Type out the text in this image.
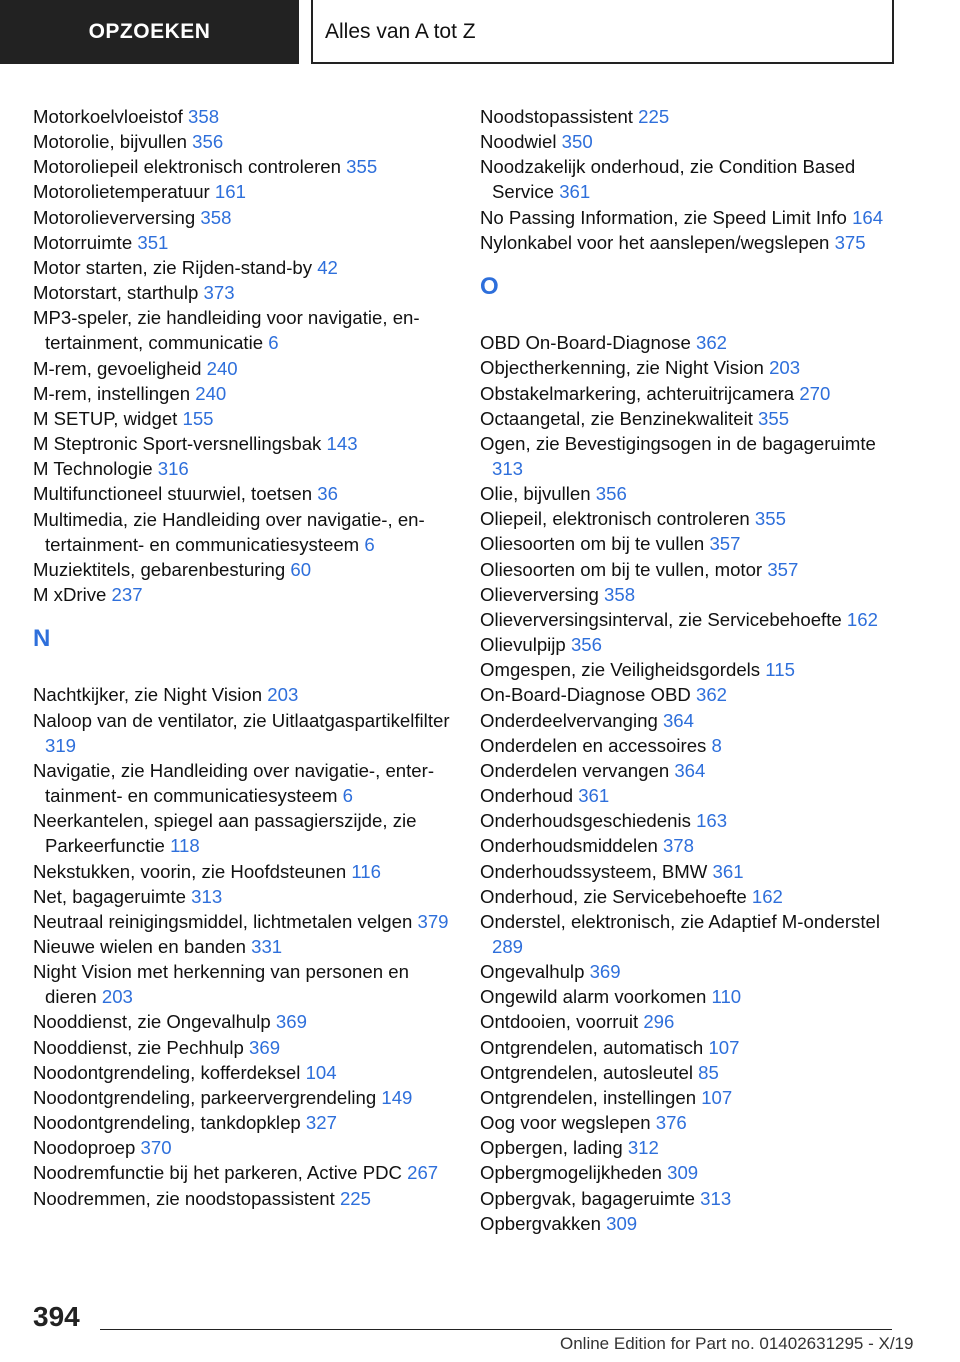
OPZOEKEN	Alles van A tot Z

Motorkoelvloeistof 358

Motorolie, bijvullen 356

Motoroliepeil elektronisch controleren 355

Motorolietemperatuur 161

Motorolieverversing 358

Motorruimte 351

Motor starten, zie Rijden-stand-by 42

Motorstart, starthulp 373

MP3-speler, zie handleiding voor navigatie, entertainment, communicatie 6

M-rem, gevoeligheid 240

M-rem, instellingen 240

M SETUP, widget 155

M Steptronic Sport-versnellingsbak 143

M Technologie 316

Multifunctioneel stuurwiel, toetsen 36

Multimedia, zie Handleiding over navigatie-, entertainment- en communicatiesysteem 6

Muziektitels, gebarenbesturing 60

M xDrive 237

N

Nachtkijker, zie Night Vision 203

Naloop van de ventilator, zie Uitlaatgaspartikelfilter 319

Navigatie, zie Handleiding over navigatie-, entertainment- en communicatiesysteem 6

Neerkantelen, spiegel aan passagierszijde, zie Parkeerfunctie 118

Nekstukken, voorin, zie Hoofdsteunen 116

Net, bagageruimte 313

Neutraal reinigingsmiddel, lichtmetalen velgen 379

Nieuwe wielen en banden 331

Night Vision met herkenning van personen en dieren 203

Nooddienst, zie Ongevalhulp 369

Nooddienst, zie Pechhulp 369

Noodontgrendeling, kofferdeksel 104

Noodontgrendeling, parkeervergrendeling 149

Noodontgrendeling, tankdopklep 327

Noodoproep 370

Noodremfunctie bij het parkeren, Active PDC 267

Noodremmen, zie noodstopassistent 225

Noodstopassistent 225

Noodwiel 350

Noodzakelijk onderhoud, zie Condition Based Service 361

No Passing Information, zie Speed Limit Info 164

Nylonkabel voor het aanslepen/wegslepen 375

O

OBD On-Board-Diagnose 362

Objectherkenning, zie Night Vision 203

Obstakelmarkering, achteruitrijcamera 270

Octaangetal, zie Benzinekwaliteit 355

Ogen, zie Bevestigingsogen in de bagageruimte 313

Olie, bijvullen 356

Oliepeil, elektronisch controleren 355

Oliesoorten om bij te vullen 357

Oliesoorten om bij te vullen, motor 357

Olieverversing 358

Olieverversingsinterval, zie Servicebehoefte 162

Olievulpijp 356

Omgespen, zie Veiligheidsgordels 115

On-Board-Diagnose OBD 362

Onderdeelvervanging 364

Onderdelen en accessoires 8

Onderdelen vervangen 364

Onderhoud 361

Onderhoudsgeschiedenis 163

Onderhoudsmiddelen 378

Onderhoudssysteem, BMW 361

Onderhoud, zie Servicebehoefte 162

Onderstel, elektronisch, zie Adaptief M-onderstel 289

Ongevalhulp 369

Ongewild alarm voorkomen 110

Ontdooien, voorruit 296

Ontgrendelen, automatisch 107

Ontgrendelen, autosleutel 85

Ontgrendelen, instellingen 107

Oog voor wegslepen 376

Opbergen, lading 312

Opbergmogelijkheden 309

Opbergvak, bagageruimte 313

Opbergvakken 309

394
Online Edition for Part no. 01402631295 - X/19
